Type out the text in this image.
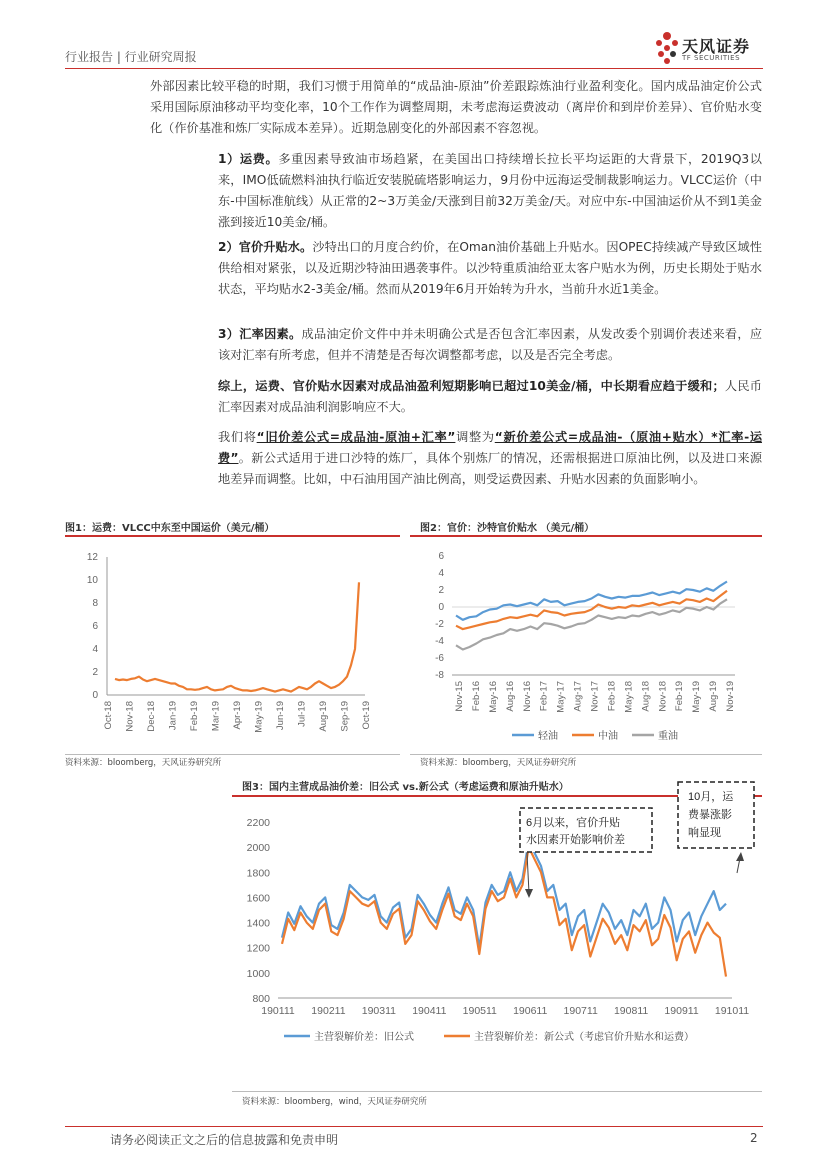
行业报告 | 行业研究周报
天风证券
TF SECURITIES

外部因素比较平稳的时期，我们习惯于用简单的“成品油-原油”价差跟踪炼油行业盈利变化。国内成品油定价公式采用国际原油移动平均变化率，10个工作作为调整周期，未考虑海运费波动（离岸价和到岸价差异）、官价贴水变化（作价基准和炼厂实际成本差异）。近期急剧变化的外部因素不容忽视。

1）运费。多重因素导致油市场趋紧，在美国出口持续增长拉长平均运距的大背景下，2019Q3以来，IMO低硫燃料油执行临近安装脱硫塔影响运力，9月份中远海运受制裁影响运力。VLCC运价（中东-中国标准航线）从正常的2~3万美金/天涨到目前32万美金/天。对应中东-中国油运价从不到1美金涨到接近10美金/桶。

2）官价升贴水。沙特出口的月度合约价，在Oman油价基础上升贴水。因OPEC持续减产导致区域性供给相对紧张，以及近期沙特油田遇袭事件。以沙特重质油给亚太客户贴水为例，历史长期处于贴水状态，平均贴水2-3美金/桶。然而从2019年6月开始转为升水，当前升水近1美金。

3）汇率因素。成品油定价文件中并未明确公式是否包含汇率因素，从发改委个别调价表述来看，应该对汇率有所考虑，但并不清楚是否每次调整都考虑，以及是否完全考虑。

综上，运费、官价贴水因素对成品油盈利短期影响已超过10美金/桶，中长期看应趋于缓和；人民币汇率因素对成品油利润影响应不大。

我们将“旧价差公式=成品油-原油+汇率”调整为“新价差公式=成品油-（原油+贴水）*汇率-运费”。新公式适用于进口沙特的炼厂，具体个别炼厂的情况，还需根据进口原油比例，以及进口来源地差异而调整。比如，中石油用国产油比例高，则受运费因素、升贴水因素的负面影响小。

图1：运费：VLCC中东至中国运价（美元/桶）
0
2
4
6
8
10
12
Oct-18 Nov-18 Dec-18 Jan-19 Feb-19 Mar-19 Apr-19 May-19 Jun-19 Jul-19 Aug-19 Sep-19 Oct-19
资料来源：bloomberg，天风证券研究所
图2：官价：沙特官价贴水 （美元/桶）
6
4
2
0
-2
-4
-6
-8
Nov-15 Feb-16 May-16 Aug-16 Nov-16 Feb-17 May-17 Aug-17 Nov-17 Feb-18 May-18 Aug-18 Nov-18 Feb-19 May-19 Aug-19 Nov-19
轻油	中油	重油
资料来源：bloomberg，天风证券研究所
图3：国内主营成品油价差：旧公式 vs.新公式（考虑运费和原油升贴水）
2200
2000
1800
1600
1400
1200
1000
800
190111 190211 190311 190411 190511 190611 190711 190811 190911 191011
6月以来，官价升贴
水因素开始影响价差
10月，运
费暴涨影
响显现
主营裂解价差：旧公式	主营裂解价差：新公式（考虑官价升贴水和运费）
资料来源：bloomberg，wind，天风证券研究所
请务必阅读正文之后的信息披露和免责申明	2
